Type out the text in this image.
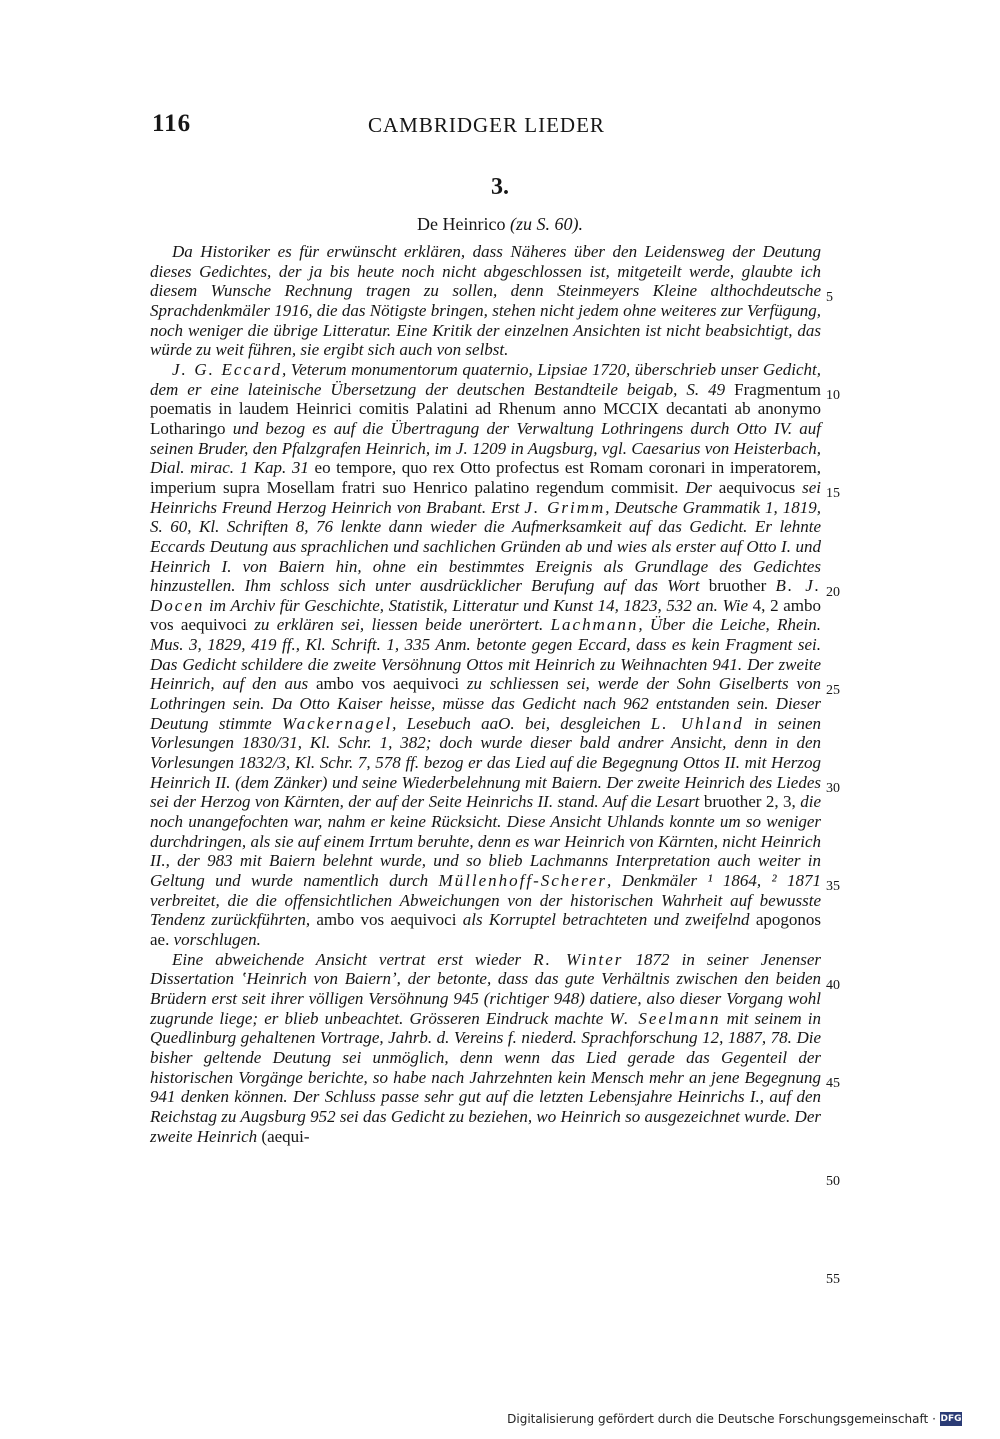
116	CAMBRIDGER LIEDER
3.
De Heinrico (zu S. 60).

Da Historiker es für erwünscht erklären, dass Näheres über den Leidensweg der Deutung dieses Gedichtes, der ja bis heute noch nicht abgeschlossen ist, mitgeteilt werde, glaubte ich diesem Wunsche Rechnung tragen zu sollen, denn Steinmeyers Kleine althochdeutsche Sprachdenkmäler 1916, die das Nötigste bringen, stehen nicht jedem ohne weiteres zur Verfügung, noch weniger die übrige Litteratur. Eine Kritik der einzelnen Ansichten ist nicht beabsichtigt, das würde zu weit führen, sie ergibt sich auch von selbst.

J. G. Eccard, Veterum monumentorum quaternio, Lipsiae 1720, überschrieb unser Gedicht, dem er eine lateinische Übersetzung der deutschen Bestandteile beigab, S. 49 Fragmentum poematis in laudem Heinrici comitis Palatini ad Rhenum anno MCCIX decantati ab anonymo Lotharingo und bezog es auf die Übertragung der Verwaltung Lothringens durch Otto IV. auf seinen Bruder, den Pfalzgrafen Heinrich, im J. 1209 in Augsburg, vgl. Caesarius von Heisterbach, Dial. mirac. 1 Kap. 31 eo tempore, quo rex Otto profectus est Romam coronari in imperatorem, imperium supra Mosellam fratri suo Henrico palatino regendum commisit. Der aequivocus sei Heinrichs Freund Herzog Heinrich von Brabant. Erst J. Grimm, Deutsche Grammatik 1, 1819, S. 60, Kl. Schriften 8, 76 lenkte dann wieder die Aufmerksamkeit auf das Gedicht. Er lehnte Eccards Deutung aus sprachlichen und sachlichen Gründen ab und wies als erster auf Otto I. und Heinrich I. von Baiern hin, ohne ein bestimmtes Ereignis als Grundlage des Gedichtes hinzustellen. Ihm schloss sich unter ausdrücklicher Berufung auf das Wort bruother B. J. Docen im Archiv für Geschichte, Statistik, Litteratur und Kunst 14, 1823, 532 an. Wie 4, 2 ambo vos aequivoci zu erklären sei, liessen beide unerörtert. Lachmann, Über die Leiche, Rhein. Mus. 3, 1829, 419 ff., Kl. Schrift. 1, 335 Anm. betonte gegen Eccard, dass es kein Fragment sei. Das Gedicht schildere die zweite Versöhnung Ottos mit Heinrich zu Weihnachten 941. Der zweite Heinrich, auf den aus ambo vos aequivoci zu schliessen sei, werde der Sohn Giselberts von Lothringen sein. Da Otto Kaiser heisse, müsse das Gedicht nach 962 entstanden sein. Dieser Deutung stimmte Wackernagel, Lesebuch aaO. bei, desgleichen L. Uhland in seinen Vorlesungen 1830/31, Kl. Schr. 1, 382; doch wurde dieser bald andrer Ansicht, denn in den Vorlesungen 1832/3, Kl. Schr. 7, 578 ff. bezog er das Lied auf die Begegnung Ottos II. mit Herzog Heinrich II. (dem Zänker) und seine Wiederbelehnung mit Baiern. Der zweite Heinrich des Liedes sei der Herzog von Kärnten, der auf der Seite Heinrichs II. stand. Auf die Lesart bruother 2, 3, die noch unangefochten war, nahm er keine Rücksicht. Diese Ansicht Uhlands konnte um so weniger durchdringen, als sie auf einem Irrtum beruhte, denn es war Heinrich von Kärnten, nicht Heinrich II., der 983 mit Baiern belehnt wurde, und so blieb Lachmanns Interpretation auch weiter in Geltung und wurde namentlich durch Müllenhoff-Scherer, Denkmäler ¹ 1864, ² 1871 verbreitet, die die offensichtlichen Abweichungen von der historischen Wahrheit auf bewusste Tendenz zurückführten, ambo vos aequivoci als Korruptel betrachteten und zweifelnd apogonos ae. vorschlugen.

Eine abweichende Ansicht vertrat erst wieder R. Winter 1872 in seiner Jenenser Dissertation ʽHeinrich von Baiernʼ, der betonte, dass das gute Verhältnis zwischen den beiden Brüdern erst seit ihrer völligen Versöhnung 945 (richtiger 948) datiere, also dieser Vorgang wohl zugrunde liege; er blieb unbeachtet. Grösseren Eindruck machte W. Seelmann mit seinem in Quedlinburg gehaltenen Vortrage, Jahrb. d. Vereins f. niederd. Sprachforschung 12, 1887, 78. Die bisher geltende Deutung sei unmöglich, denn wenn das Lied gerade das Gegenteil der historischen Vorgänge berichte, so habe nach Jahrzehnten kein Mensch mehr an jene Begegnung 941 denken können. Der Schluss passe sehr gut auf die letzten Lebensjahre Heinrichs I., auf den Reichstag zu Augsburg 952 sei das Gedicht zu beziehen, wo Heinrich so ausgezeichnet wurde. Der zweite Heinrich (aequi-

5
10
15
20
25
30
35
40
45
50
55
Digitalisierung gefördert durch die Deutsche Forschungsgemeinschaft · DFG
